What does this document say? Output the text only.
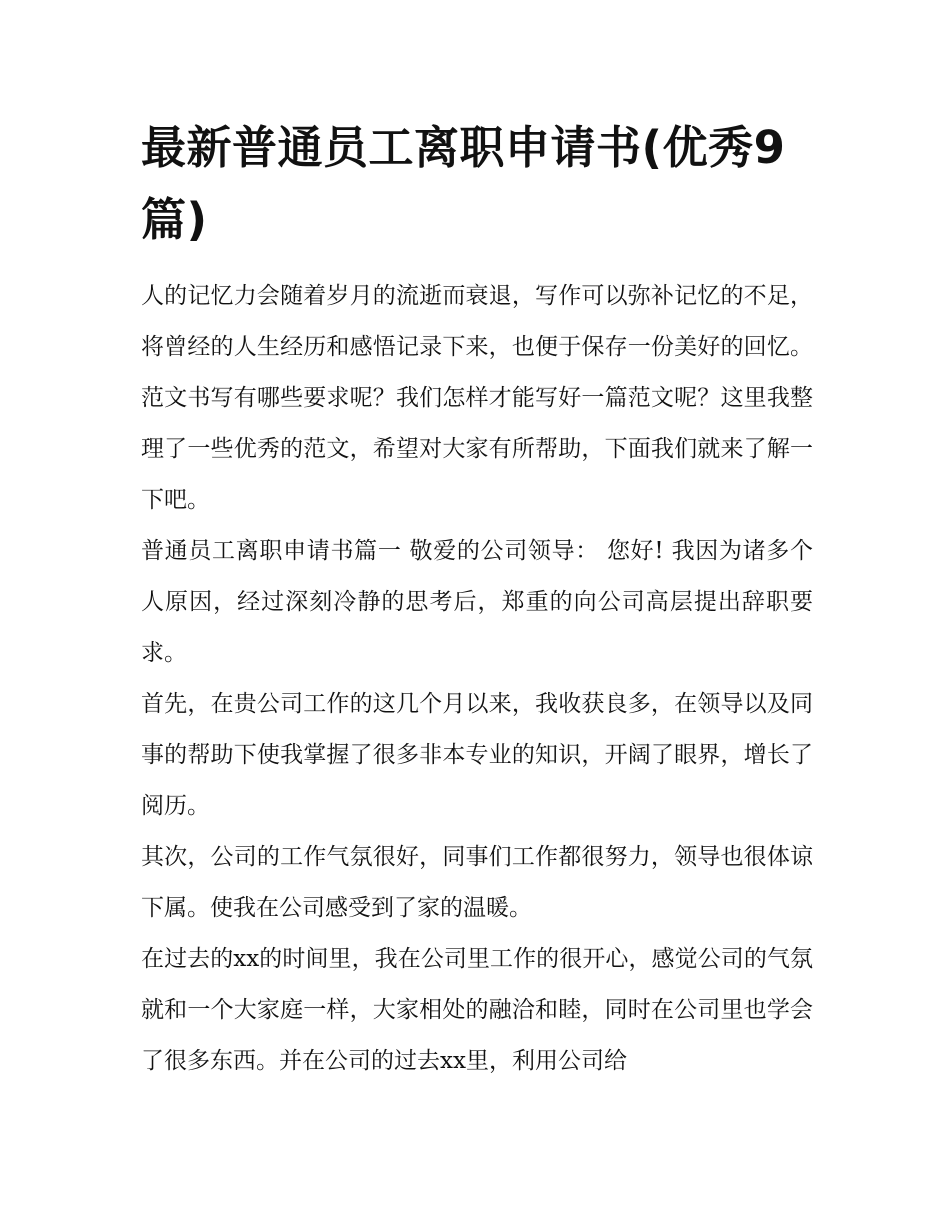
最新普通员工离职申请书(优秀9篇)

人的记忆力会随着岁月的流逝而衰退，写作可以弥补记忆的不足，将曾经的人生经历和感悟记录下来，也便于保存一份美好的回忆。范文书写有哪些要求呢？我们怎样才能写好一篇范文呢？这里我整理了一些优秀的范文，希望对大家有所帮助，下面我们就来了解一下吧。

普通员工离职申请书篇一 敬爱的公司领导： 您好! 我因为诸多个人原因，经过深刻冷静的思考后，郑重的向公司高层提出辞职要求。

首先，在贵公司工作的这几个月以来，我收获良多，在领导以及同事的帮助下使我掌握了很多非本专业的知识，开阔了眼界，增长了阅历。

其次，公司的工作气氛很好，同事们工作都很努力，领导也很体谅下属。使我在公司感受到了家的温暖。

在过去的xx的时间里，我在公司里工作的很开心，感觉公司的气氛就和一个大家庭一样，大家相处的融洽和睦，同时在公司里也学会了很多东西。并在公司的过去xx里，利用公司给
